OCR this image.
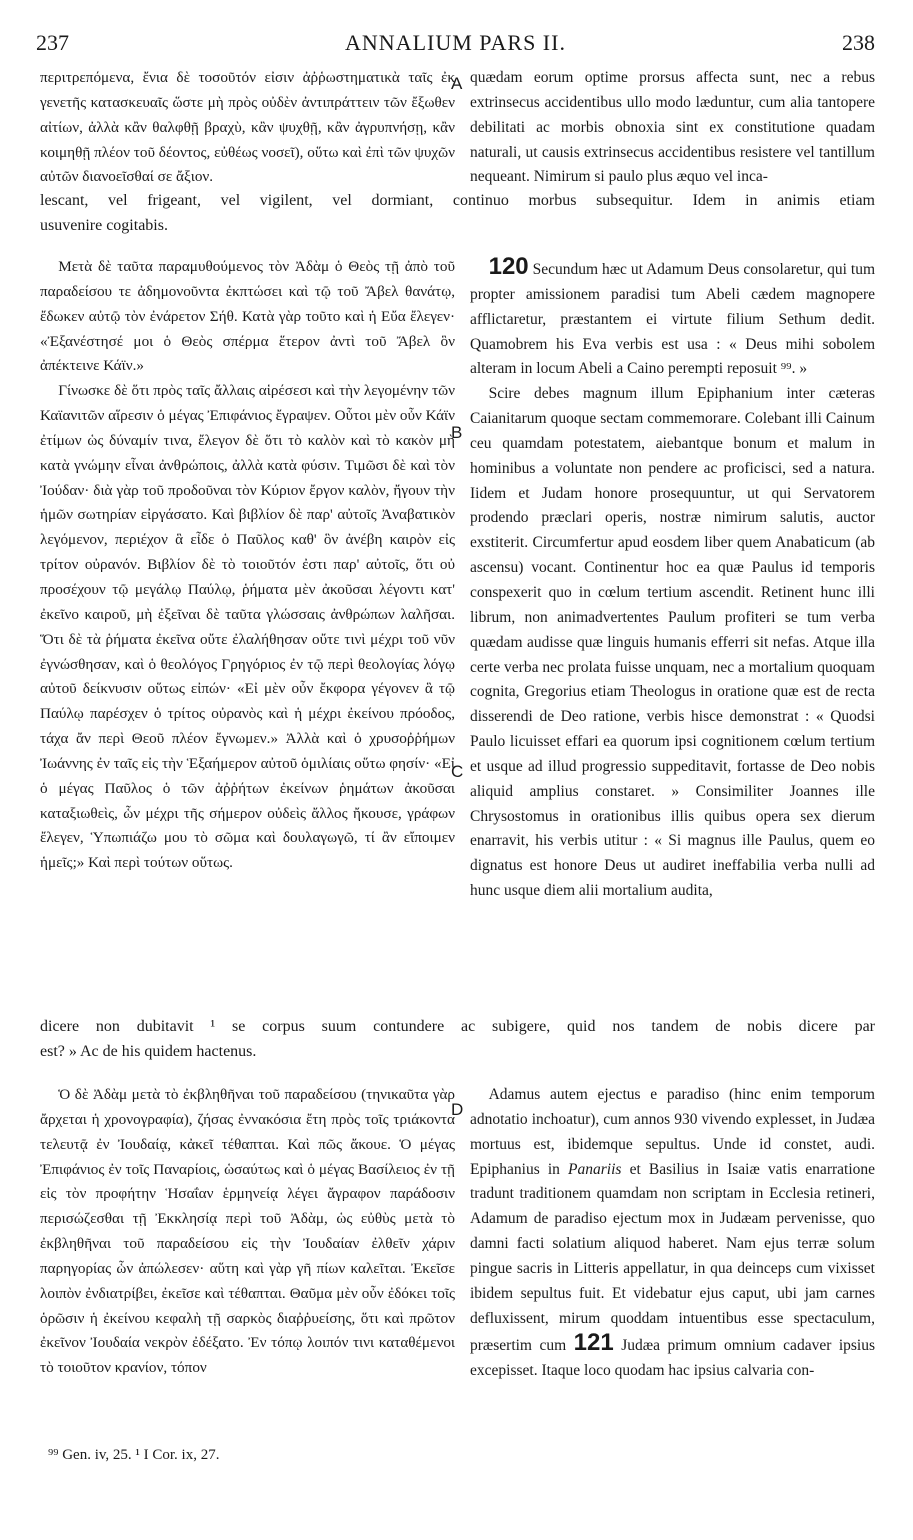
237	ANNALIUM PARS II.	238

περιτρεπόμενα, ἔνια δὲ τοσοῦτόν εἰσιν ἀῤῥωστηματικὰ ταῖς ἐκ γενετῆς κατασκευαῖς ὥστε μὴ πρὸς οὐδὲν ἀντιπράττειν τῶν ἔξωθεν αἰτίων, ἀλλὰ κἂν θαλφθῇ βραχὺ, κἂν ψυχθῇ, κἂν ἀγρυπνήσῃ, κἂν κοιμηθῇ πλέον τοῦ δέοντος, εὐθέως νοσεῖ), οὕτω καὶ ἐπὶ τῶν ψυχῶν αὐτῶν διανοεῖσθαί σε ἄξιον.

quædam eorum optime prorsus affecta sunt, nec a rebus extrinsecus accidentibus ullo modo læduntur, cum alia tantopere debilitati ac morbis obnoxia sint ex constitutione quadam naturali, ut causis extrinsecus accidentibus resistere vel tantillum nequeant. Nimirum si paulo plus æquo vel inca-

A
lescant, vel frigeant, vel vigilent, vel dormiant, continuo morbus subsequitur. Idem in animis etiam
usuvenire cogitabis.

Μετὰ δὲ ταῦτα παραμυθούμενος τὸν Ἀδὰμ ὁ Θεὸς τῇ ἀπὸ τοῦ παραδείσου τε ἀδημονοῦντα ἐκπτώσει καὶ τῷ τοῦ Ἄβελ θανάτῳ, ἔδωκεν αὐτῷ τὸν ἐνάρετον Σήθ. Κατὰ γὰρ τοῦτο καὶ ἡ Εὔα ἔλεγεν· «Ἐξανέστησέ μοι ὁ Θεὸς σπέρμα ἕτερον ἀντὶ τοῦ Ἄβελ ὃν ἀπέκτεινε Κάϊν.»

Γίνωσκε δὲ ὅτι πρὸς ταῖς ἄλλαις αἱρέσεσι καὶ τὴν λεγομένην τῶν Καϊανιτῶν αἵρεσιν ὁ μέγας Ἐπιφάνιος ἔγραψεν. Οὗτοι μὲν οὖν Κάϊν ἐτίμων ὡς δύναμίν τινα, ἔλεγον δὲ ὅτι τὸ καλὸν καὶ τὸ κακὸν μὴ κατὰ γνώμην εἶναι ἀνθρώποις, ἀλλὰ κατὰ φύσιν. Τιμῶσι δὲ καὶ τὸν Ἰούδαν· διὰ γὰρ τοῦ προδοῦναι τὸν Κύριον ἔργον καλὸν, ἤγουν τὴν ἡμῶν σωτηρίαν εἰργάσατο. Καὶ βιβλίον δὲ παρ' αὐτοῖς Ἀναβατικὸν λεγόμενον, περιέχον ἃ εἶδε ὁ Παῦλος καθ' ὃν ἀνέβη καιρὸν εἰς τρίτον οὐρανόν. Βιβλίον δὲ τὸ τοιοῦτόν ἐστι παρ' αὐτοῖς, ὅτι οὐ προσέχουν τῷ μεγάλῳ Παύλῳ, ῥήματα μὲν ἀκοῦσαι λέγοντι κατ' ἐκεῖνο καιροῦ, μὴ ἐξεῖναι δὲ ταῦτα γλώσσαις ἀνθρώπων λαλῆσαι. Ὅτι δὲ τὰ ῥήματα ἐκεῖνα οὔτε ἐλαλήθησαν οὔτε τινὶ μέχρι τοῦ νῦν ἐγνώσθησαν, καὶ ὁ θεολόγος Γρηγόριος ἐν τῷ περὶ θεολογίας λόγῳ αὐτοῦ δείκνυσιν οὕτως εἰπών· «Εἰ μὲν οὖν ἔκφορα γέγονεν ἃ τῷ Παύλῳ παρέσχεν ὁ τρίτος οὐρανὸς καὶ ἡ μέχρι ἐκείνου πρόοδος, τάχα ἄν περὶ Θεοῦ πλέον ἔγνωμεν.» Ἀλλὰ καὶ ὁ χρυσοῤῥήμων Ἰωάννης ἐν ταῖς εἰς τὴν Ἑξαήμερον αὐτοῦ ὁμιλίαις οὕτω φησίν· «Εἰ ὁ μέγας Παῦλος ὁ τῶν ἀῤῥήτων ἐκείνων ῥημάτων ἀκοῦσαι καταξιωθεὶς, ὧν μέχρι τῆς σήμερον οὐδεὶς ἄλλος ἤκουσε, γράφων ἔλεγεν, Ὑπωπιάζω μου τὸ σῶμα καὶ δουλαγωγῶ, τί ἂν εἴποιμεν ἡμεῖς;» Καὶ περὶ τούτων οὕτως.

120 Secundum hæc ut Adamum Deus consolaretur, qui tum propter amissionem paradisi tum Abeli cædem magnopere afflictaretur, præstantem ei virtute filium Sethum dedit. Quamobrem his Eva verbis est usa : « Deus mihi sobolem alteram in locum Abeli a Caino perempti reposuit ⁹⁹. »

Scire debes magnum illum Epiphanium inter cæteras Caianitarum quoque sectam commemorare. Colebant illi Cainum ceu quamdam potestatem, aiebantque bonum et malum in hominibus a voluntate non pendere ac proficisci, sed a natura. Iidem et Judam honore prosequuntur, ut qui Servatorem prodendo præclari operis, nostræ nimirum salutis, auctor exstiterit. Circumfertur apud eosdem liber quem Anabaticum (ab ascensu) vocant. Continentur hoc ea quæ Paulus id temporis conspexerit quo in cœlum tertium ascendit. Retinent hunc illi librum, non animadvertentes Paulum profiteri se tum verba quædam audisse quæ linguis humanis efferri sit nefas. Atque illa certe verba nec prolata fuisse unquam, nec a mortalium quoquam cognita, Gregorius etiam Theologus in oratione quæ est de recta disserendi de Deo ratione, verbis hisce demonstrat : « Quodsi Paulo licuisset effari ea quorum ipsi cognitionem cœlum tertium et usque ad illud progressio suppeditavit, fortasse de Deo nobis aliquid amplius constaret. » Consimiliter Joannes ille Chrysostomus in orationibus illis quibus opera sex dierum enarravit, his verbis utitur : « Si magnus ille Paulus, quem eo dignatus est honore Deus ut audiret ineffabilia verba nulli ad hunc usque diem alii mortalium audita,

B
C
dicere non dubitavit ¹ se corpus suum contundere ac subigere, quid nos tandem de nobis dicere par
est? » Ac de his quidem hactenus.

Ὁ δὲ Ἀδὰμ μετὰ τὸ ἐκβληθῆναι τοῦ παραδείσου (τηνικαῦτα γὰρ ἄρχεται ἡ χρονογραφία), ζήσας ἐννακόσια ἔτη πρὸς τοῖς τριάκοντα τελευτᾷ ἐν Ἰουδαίᾳ, κἀκεῖ τέθαπται. Καὶ πῶς ἄκουε. Ὁ μέγας Ἐπιφάνιος ἐν τοῖς Παναρίοις, ὡσαύτως καὶ ὁ μέγας Βασίλειος ἐν τῇ εἰς τὸν προφήτην Ἡσαΐαν ἑρμηνείᾳ λέγει ἄγραφον παράδοσιν περισώζεσθαι τῇ Ἐκκλησίᾳ περὶ τοῦ Ἀδὰμ, ὡς εὐθὺς μετὰ τὸ ἐκβληθῆναι τοῦ παραδείσου εἰς τὴν Ἰουδαίαν ἐλθεῖν χάριν παρηγορίας ὧν ἀπώλεσεν· αὕτη καὶ γὰρ γῆ πίων καλεῖται. Ἐκεῖσε λοιπὸν ἐνδιατρίβει, ἐκεῖσε καὶ τέθαπται. Θαῦμα μὲν οὖν ἐδόκει τοῖς ὁρῶσιν ἡ ἐκείνου κεφαλὴ τῇ σαρκὸς διαῤῥυείσης, ὅτι καὶ πρῶτον ἐκεῖνον Ἰουδαία νεκρὸν ἐδέξατο. Ἐν τόπῳ λοιπόν τινι καταθέμενοι τὸ τοιοῦτον κρανίον, τόπον

Adamus autem ejectus e paradiso (hinc enim temporum adnotatio inchoatur), cum annos 930 vivendo explesset, in Judæa mortuus est, ibidemque sepultus. Unde id constet, audi. Epiphanius in Panariis et Basilius in Isaiæ vatis enarratione tradunt traditionem quamdam non scriptam in Ecclesia retineri, Adamum de paradiso ejectum mox in Judæam pervenisse, quo damni facti solatium aliquod haberet. Nam ejus terræ solum pingue sacris in Litteris appellatur, in qua deinceps cum vixisset ibidem sepultus fuit. Et videbatur ejus caput, ubi jam carnes defluxissent, mirum quoddam intuentibus esse spectaculum, præsertim cum 121 Judæa primum omnium cadaver ipsius excepisset. Itaque loco quodam hac ipsius calvaria con-

D
⁹⁹ Gen. iv, 25. ¹ I Cor. ix, 27.
